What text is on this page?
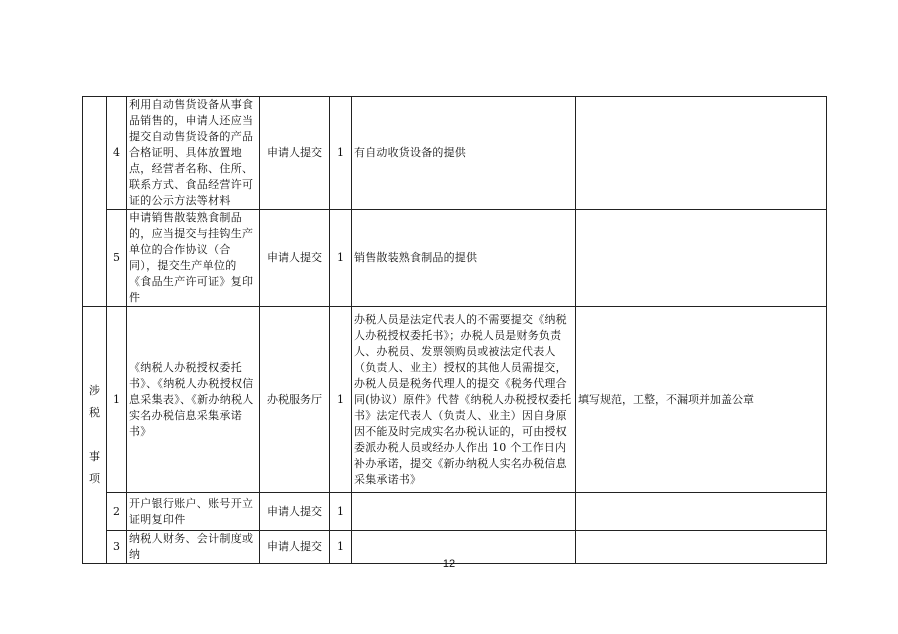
	4	利用自动售货设备从事食品销售的，申请人还应当提交自动售货设备的产品合格证明、具体放置地点，经营者名称、住所、联系方式、食品经营许可证的公示方法等材料	申请人提交	1	有自动收货设备的提供	
	5	申请销售散装熟食制品的，应当提交与挂钩生产单位的合作协议（合同），提交生产单位的《食品生产许可证》复印件	申请人提交	1	销售散装熟食制品的提供	

涉
税

事
项	1	《纳税人办税授权委托书》、《纳税人办税授权信息采集表》、《新办纳税人实名办税信息采集承诺书》	办税服务厅	1	办税人员是法定代表人的不需要提交《纳税人办税授权委托书》；办税人员是财务负责人、办税员、发票领购员或被法定代表人（负责人、业主）授权的其他人员需提交，办税人员是税务代理人的提交《税务代理合同(协议）原件》代替《纳税人办税授权委托书》法定代表人（负责人、业主）因自身原因不能及时完成实名办税认证的，可由授权委派办税人员或经办人作出 10 个工作日内补办承诺，提交《新办纳税人实名办税信息采集承诺书》	填写规范，工整，不漏项并加盖公章
	2	开户银行账户、账号开立证明复印件	申请人提交	1		
	3	纳税人财务、会计制度或纳	申请人提交	1		
12
